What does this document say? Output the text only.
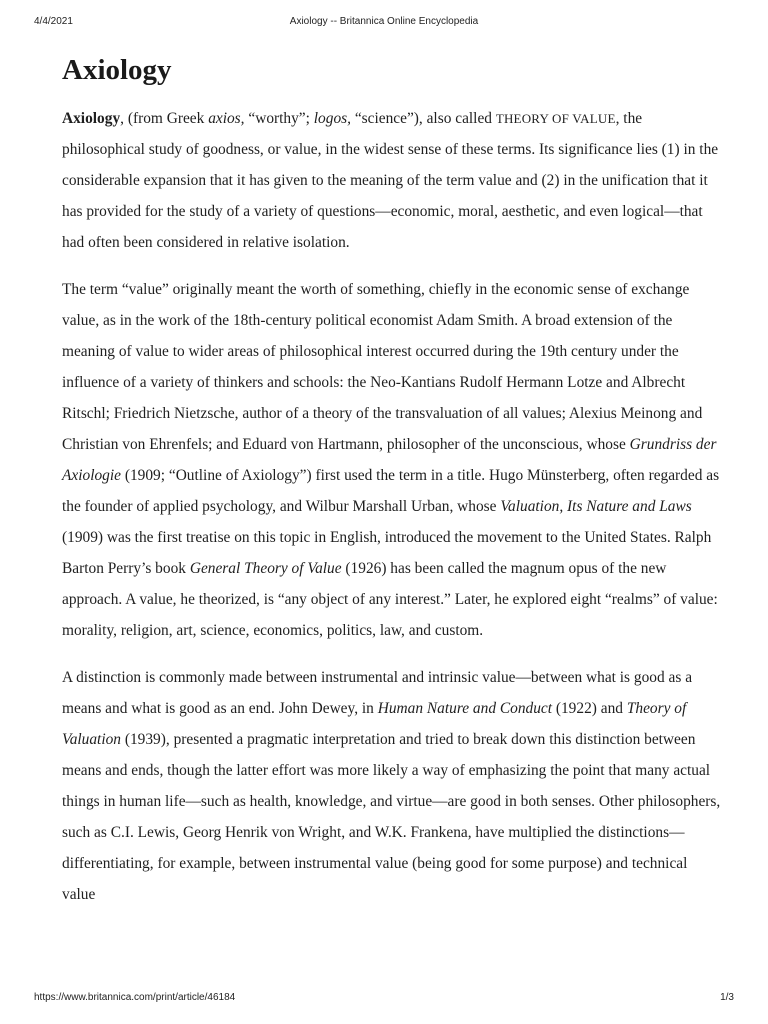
4/4/2021	Axiology -- Britannica Online Encyclopedia
Axiology

Axiology, (from Greek axios, “worthy”; logos, “science”), also called THEORY OF VALUE, the philosophical study of goodness, or value, in the widest sense of these terms. Its significance lies (1) in the considerable expansion that it has given to the meaning of the term value and (2) in the unification that it has provided for the study of a variety of questions—economic, moral, aesthetic, and even logical—that had often been considered in relative isolation.

The term “value” originally meant the worth of something, chiefly in the economic sense of exchange value, as in the work of the 18th-century political economist Adam Smith. A broad extension of the meaning of value to wider areas of philosophical interest occurred during the 19th century under the influence of a variety of thinkers and schools: the Neo-Kantians Rudolf Hermann Lotze and Albrecht Ritschl; Friedrich Nietzsche, author of a theory of the transvaluation of all values; Alexius Meinong and Christian von Ehrenfels; and Eduard von Hartmann, philosopher of the unconscious, whose Grundriss der Axiologie (1909; “Outline of Axiology”) first used the term in a title. Hugo Münsterberg, often regarded as the founder of applied psychology, and Wilbur Marshall Urban, whose Valuation, Its Nature and Laws (1909) was the first treatise on this topic in English, introduced the movement to the United States. Ralph Barton Perry’s book General Theory of Value (1926) has been called the magnum opus of the new approach. A value, he theorized, is “any object of any interest.” Later, he explored eight “realms” of value: morality, religion, art, science, economics, politics, law, and custom.

A distinction is commonly made between instrumental and intrinsic value—between what is good as a means and what is good as an end. John Dewey, in Human Nature and Conduct (1922) and Theory of Valuation (1939), presented a pragmatic interpretation and tried to break down this distinction between means and ends, though the latter effort was more likely a way of emphasizing the point that many actual things in human life—such as health, knowledge, and virtue—are good in both senses. Other philosophers, such as C.I. Lewis, Georg Henrik von Wright, and W.K. Frankena, have multiplied the distinctions—differentiating, for example, between instrumental value (being good for some purpose) and technical value

https://www.britannica.com/print/article/46184	1/3
